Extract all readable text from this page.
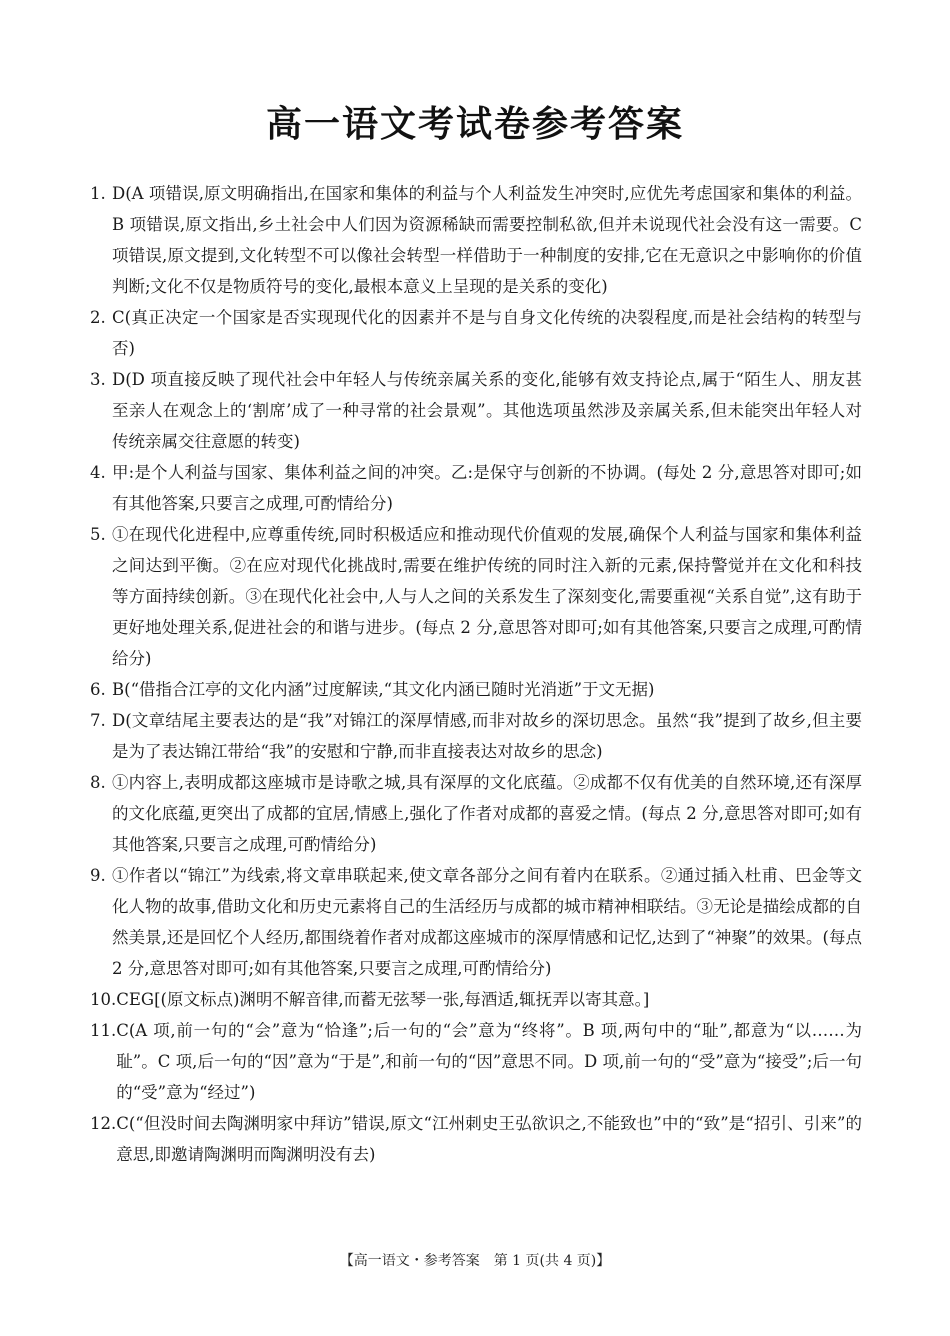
高一语文考试卷参考答案
1. D(A 项错误,原文明确指出,在国家和集体的利益与个人利益发生冲突时,应优先考虑国家和集体的利益。B 项错误,原文指出,乡土社会中人们因为资源稀缺而需要控制私欲,但并未说现代社会没有这一需要。C 项错误,原文提到,文化转型不可以像社会转型一样借助于一种制度的安排,它在无意识之中影响你的价值判断;文化不仅是物质符号的变化,最根本意义上呈现的是关系的变化)
2. C(真正决定一个国家是否实现现代化的因素并不是与自身文化传统的决裂程度,而是社会结构的转型与否)
3. D(D 项直接反映了现代社会中年轻人与传统亲属关系的变化,能够有效支持论点,属于“陌生人、朋友甚至亲人在观念上的‘割席’成了一种寻常的社会景观”。其他选项虽然涉及亲属关系,但未能突出年轻人对传统亲属交往意愿的转变)
4. 甲:是个人利益与国家、集体利益之间的冲突。乙:是保守与创新的不协调。(每处 2 分,意思答对即可;如有其他答案,只要言之成理,可酌情给分)
5. ①在现代化进程中,应尊重传统,同时积极适应和推动现代价值观的发展,确保个人利益与国家和集体利益之间达到平衡。②在应对现代化挑战时,需要在维护传统的同时注入新的元素,保持警觉并在文化和科技等方面持续创新。③在现代化社会中,人与人之间的关系发生了深刻变化,需要重视“关系自觉”,这有助于更好地处理关系,促进社会的和谐与进步。(每点 2 分,意思答对即可;如有其他答案,只要言之成理,可酌情给分)
6. B(“借指合江亭的文化内涵”过度解读,“其文化内涵已随时光消逝”于文无据)
7. D(文章结尾主要表达的是“我”对锦江的深厚情感,而非对故乡的深切思念。虽然“我”提到了故乡,但主要是为了表达锦江带给“我”的安慰和宁静,而非直接表达对故乡的思念)
8. ①内容上,表明成都这座城市是诗歌之城,具有深厚的文化底蕴。②成都不仅有优美的自然环境,还有深厚的文化底蕴,更突出了成都的宜居,情感上,强化了作者对成都的喜爱之情。(每点 2 分,意思答对即可;如有其他答案,只要言之成理,可酌情给分)
9. ①作者以“锦江”为线索,将文章串联起来,使文章各部分之间有着内在联系。②通过插入杜甫、巴金等文化人物的故事,借助文化和历史元素将自己的生活经历与成都的城市精神相联结。③无论是描绘成都的自然美景,还是回忆个人经历,都围绕着作者对成都这座城市的深厚情感和记忆,达到了“神聚”的效果。(每点 2 分,意思答对即可;如有其他答案,只要言之成理,可酌情给分)
10. CEG[(原文标点)渊明不解音律,而蓄无弦琴一张,每酒适,辄抚弄以寄其意。]
11. C(A 项,前一句的“会”意为“恰逢”;后一句的“会”意为“终将”。B 项,两句中的“耻”,都意为“以……为耻”。C 项,后一句的“因”意为“于是”,和前一句的“因”意思不同。D 项,前一句的“受”意为“接受”;后一句的“受”意为“经过”)
12. C(“但没时间去陶渊明家中拜访”错误,原文“江州刺史王弘欲识之,不能致也”中的“致”是“招引、引来”的意思,即邀请陶渊明而陶渊明没有去)
【高一语文・参考答案　第 1 页(共 4 页)】
